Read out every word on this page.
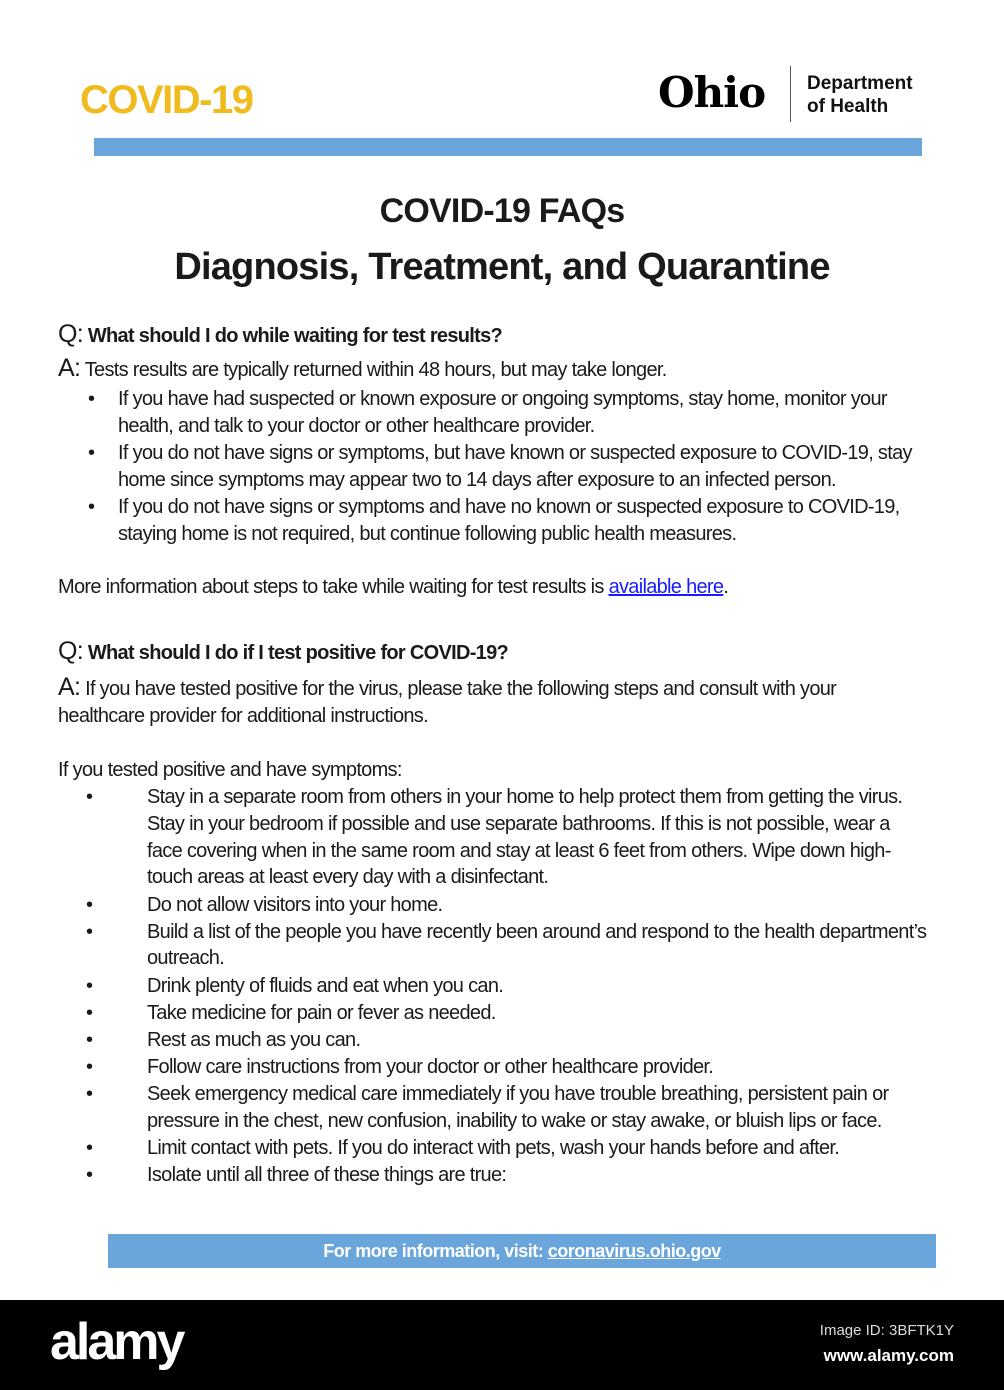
COVID-19	Ohio Department
of Health
COVID-19 FAQs
Diagnosis, Treatment, and Quarantine
Q: What should I do while waiting for test results?
A: Tests results are typically returned within 48 hours, but may take longer.
• If you have had suspected or known exposure or ongoing symptoms, stay home, monitor your
health, and talk to your doctor or other healthcare provider.
• If you do not have signs or symptoms, but have known or suspected exposure to COVID-19, stay
home since symptoms may appear two to 14 days after exposure to an infected person.
• If you do not have signs or symptoms and have no known or suspected exposure to COVID-19,
staying home is not required, but continue following public health measures.
More information about steps to take while waiting for test results is available here.
Q: What should I do if I test positive for COVID-19?
A: If you have tested positive for the virus, please take the following steps and consult with your
healthcare provider for additional instructions.
If you tested positive and have symptoms:
•	Stay in a separate room from others in your home to help protect them from getting the virus.
Stay in your bedroom if possible and use separate bathrooms. If this is not possible, wear a
face covering when in the same room and stay at least 6 feet from others. Wipe down high-
touch areas at least every day with a disinfectant.
•	Do not allow visitors into your home.
•	Build a list of the people you have recently been around and respond to the health department’s
outreach.
•	Drink plenty of fluids and eat when you can.
•	Take medicine for pain or fever as needed.
•	Rest as much as you can.
•	Follow care instructions from your doctor or other healthcare provider.
•	Seek emergency medical care immediately if you have trouble breathing, persistent pain or
pressure in the chest, new confusion, inability to wake or stay awake, or bluish lips or face.
•	Limit contact with pets. If you do interact with pets, wash your hands before and after.
•	Isolate until all three of these things are true:
For more information, visit: coronavirus.ohio.gov
alamy	Image ID: 3BFTK1Y
www.alamy.com
